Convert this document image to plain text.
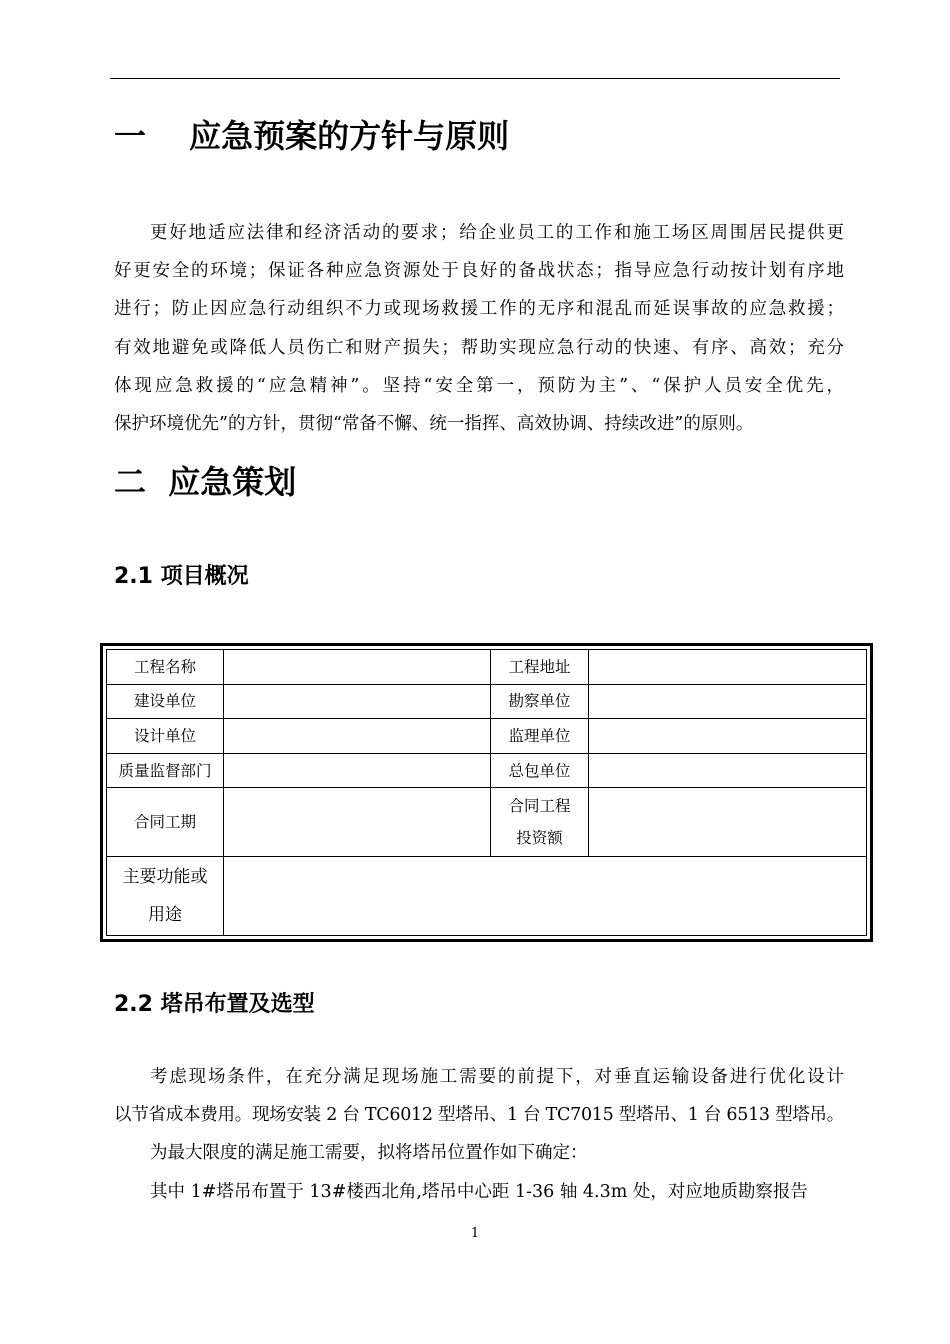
一　 应急预案的方针与原则
更好地适应法律和经济活动的要求；给企业员工的工作和施工场区周围居民提供更
好更安全的环境；保证各种应急资源处于良好的备战状态；指导应急行动按计划有序地
进行；防止因应急行动组织不力或现场救援工作的无序和混乱而延误事故的应急救援；
有效地避免或降低人员伤亡和财产损失；帮助实现应急行动的快速、有序、高效；充分
体现应急救援的“应急精神”。坚持“安全第一，预防为主”、“保护人员安全优先，
保护环境优先”的方针，贯彻“常备不懈、统一指挥、高效协调、持续改进”的原则。
二  应急策划
2.1 项目概况
工程名称		工程地址	
建设单位		勘察单位	
设计单位		监理单位	
质量监督部门		总包单位	
合同工期		合同工程
投资额	

主要功能或
用途			

2.2 塔吊布置及选型
考虑现场条件，在充分满足现场施工需要的前提下，对垂直运输设备进行优化设计
以节省成本费用。现场安装 2 台 TC6012 型塔吊、1 台 TC7015 型塔吊、1 台 6513 型塔吊。
为最大限度的满足施工需要，拟将塔吊位置作如下确定：
其中 1#塔吊布置于 13#楼西北角,塔吊中心距 1-36 轴 4.3m 处，对应地质勘察报告
1
